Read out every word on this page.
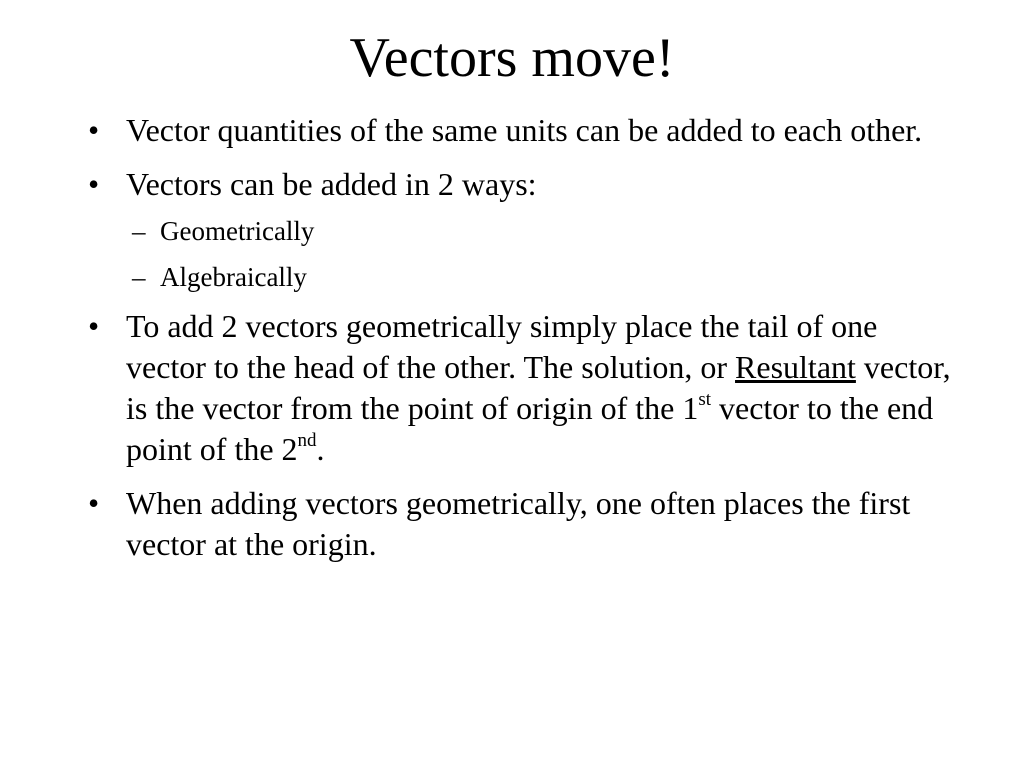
Vectors move!
• Vector quantities of the same units can be added to each other.
• Vectors can be added in 2 ways:
– Geometrically
– Algebraically
• To add 2 vectors geometrically simply place the tail of one vector to the head of the other. The solution, or Resultant vector, is the vector from the point of origin of the 1st vector to the end point of the 2nd.
• When adding vectors geometrically, one often places the first vector at the origin.
